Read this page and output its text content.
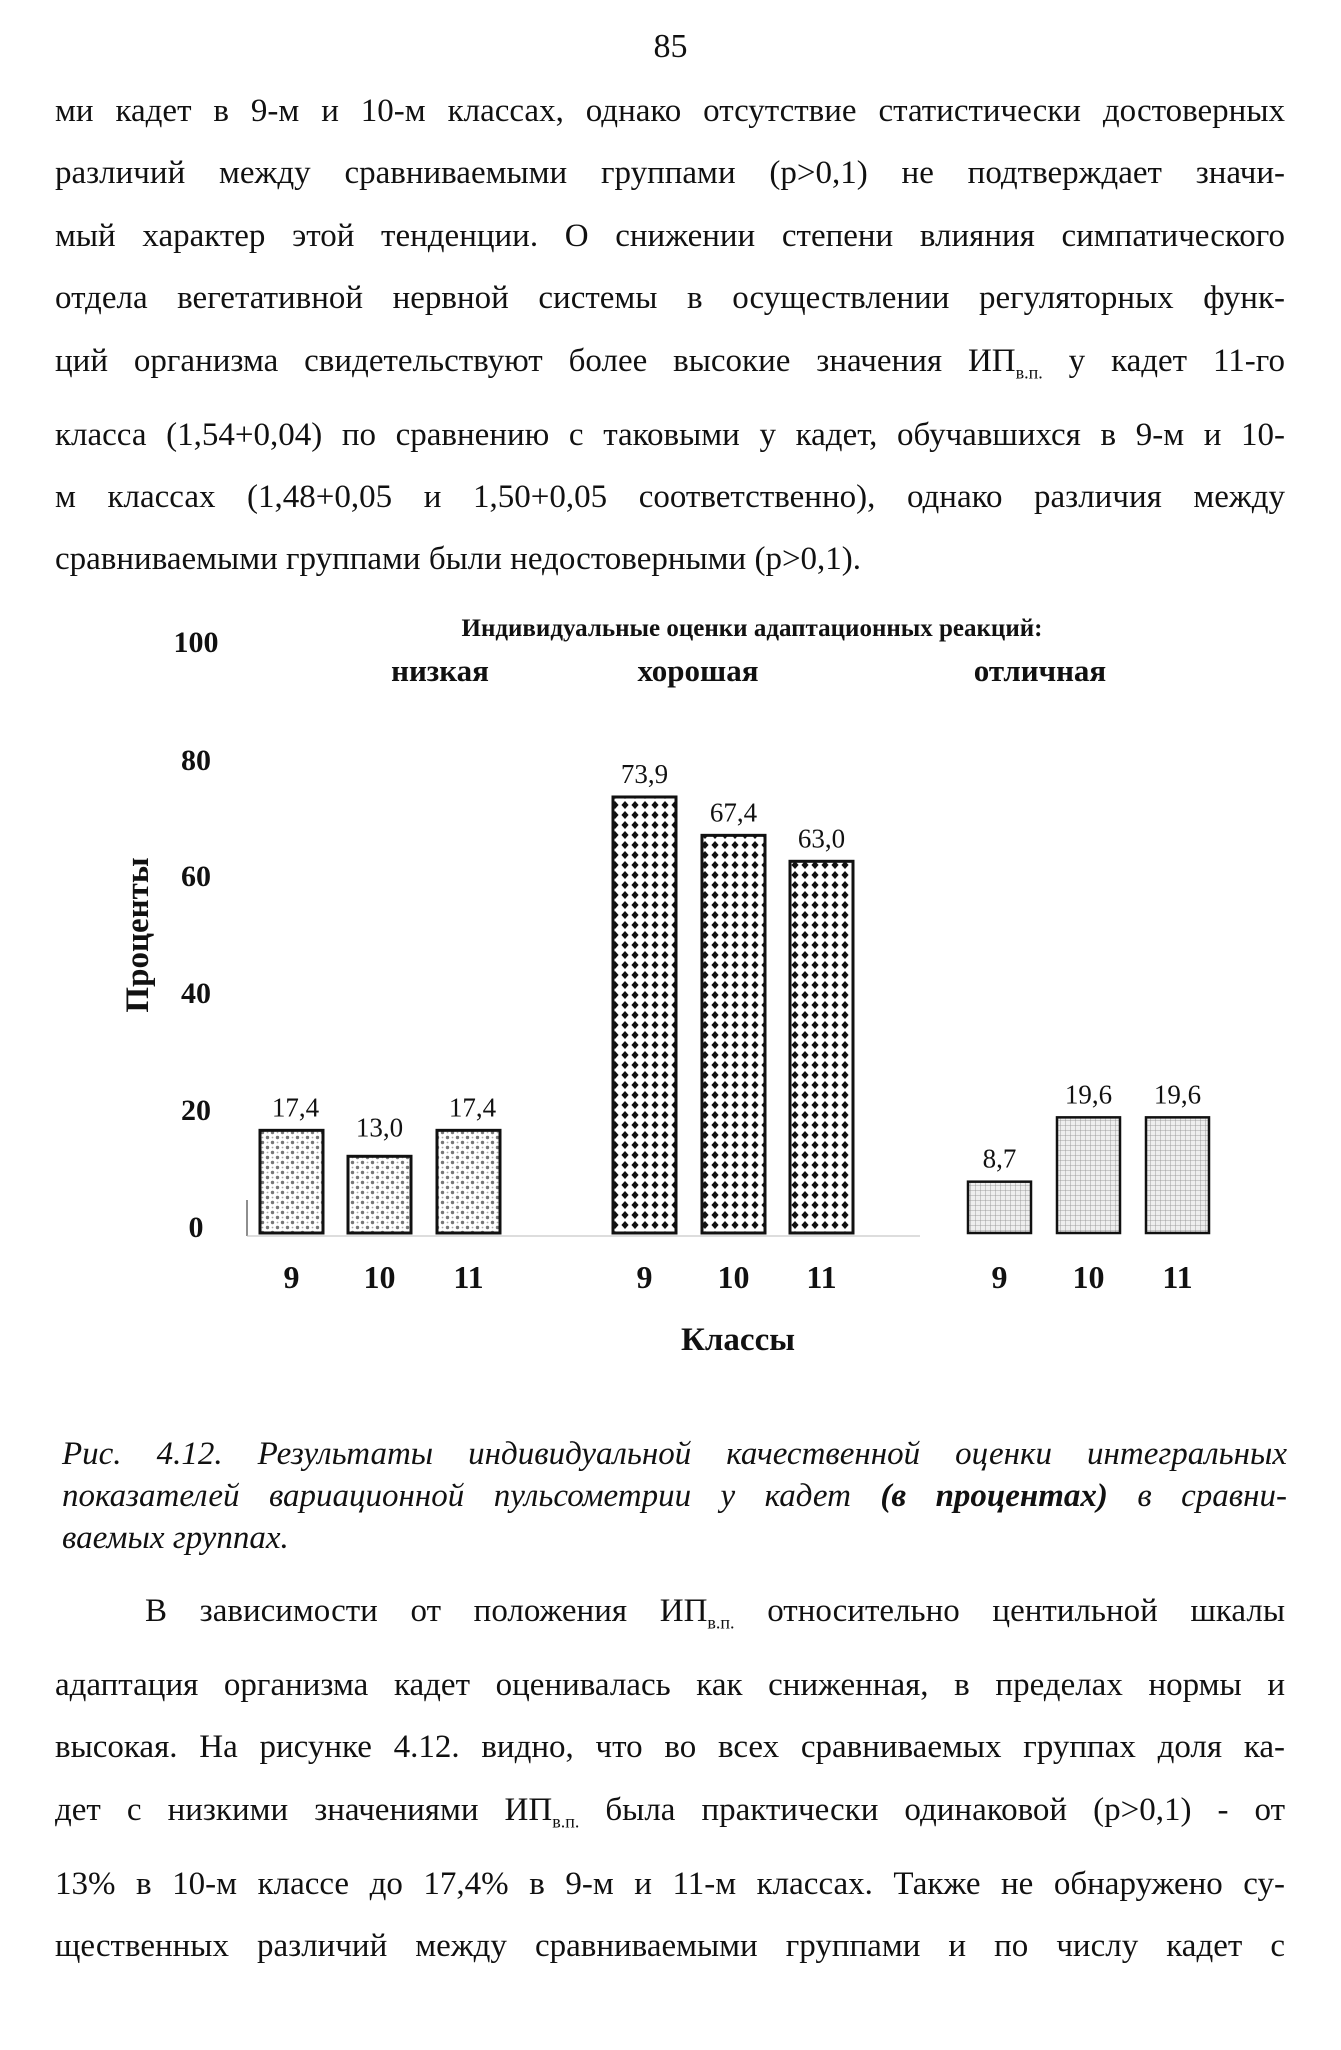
85

ми кадет в 9-м и 10-м классах, однако отсутствие статистически достоверных
различий между сравниваемыми группами (р>0,1) не подтверждает значи-
мый характер этой тенденции. О снижении степени влияния симпатического
отдела вегетативной нервной системы в осуществлении регуляторных функ-
ций организма свидетельствуют более высокие значения $ИП_{в.п.}$ у кадет 11-го
класса (1,54+0,04) по сравнению с таковыми у кадет, обучавшихся в 9-м и 10-
м классах (1,48+0,05 и 1,50+0,05 соответственно), однако различия между
сравниваемыми группами были недостоверными (р>0,1).

Индивидуальные оценки адаптационных реакций:
низкая	хорошая	отличная
Проценты
0
20
40
60
80
100
17,4
13,0
17,4
73,9
67,4
63,0
8,7
19,6 19,6
9 10 11	9 10 11	9 10 11
Классы

Рис. 4.12. Результаты индивидуальной качественной оценки интегральных
показателей вариационной пульсометрии у кадет (в процентах) в сравни-
ваемых группах.

В зависимости от положения $ИП_{в.п.}$ относительно центильной шкалы
адаптация организма кадет оценивалась как сниженная, в пределах нормы и
высокая. На рисунке 4.12. видно, что во всех сравниваемых группах доля ка-
дет с низкими значениями $ИП_{в.п.}$ была практически одинаковой (р>0,1) - от
13% в 10-м классе до 17,4% в 9-м и 11-м классах. Также не обнаружено су-
щественных различий между сравниваемыми группами и по числу кадет с
